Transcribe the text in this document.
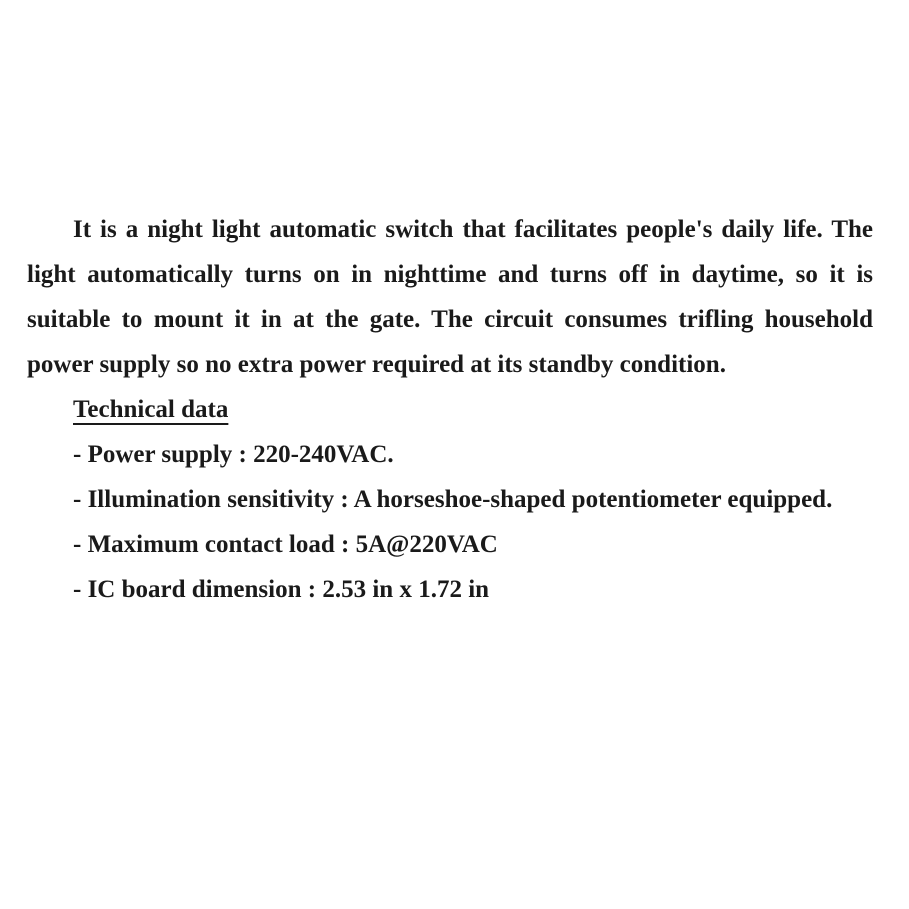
It is a night light automatic switch that facilitates people's daily life. The light automatically turns on in nighttime and turns off in daytime, so it is suitable to mount it in at the gate. The circuit consumes trifling household power supply so no extra power required at its standby condition.

Technical data

- Power supply : 220-240VAC.

- Illumination sensitivity : A horseshoe-shaped potentiometer equipped.

- Maximum contact load : 5A@220VAC

- IC board dimension : 2.53 in x 1.72 in
